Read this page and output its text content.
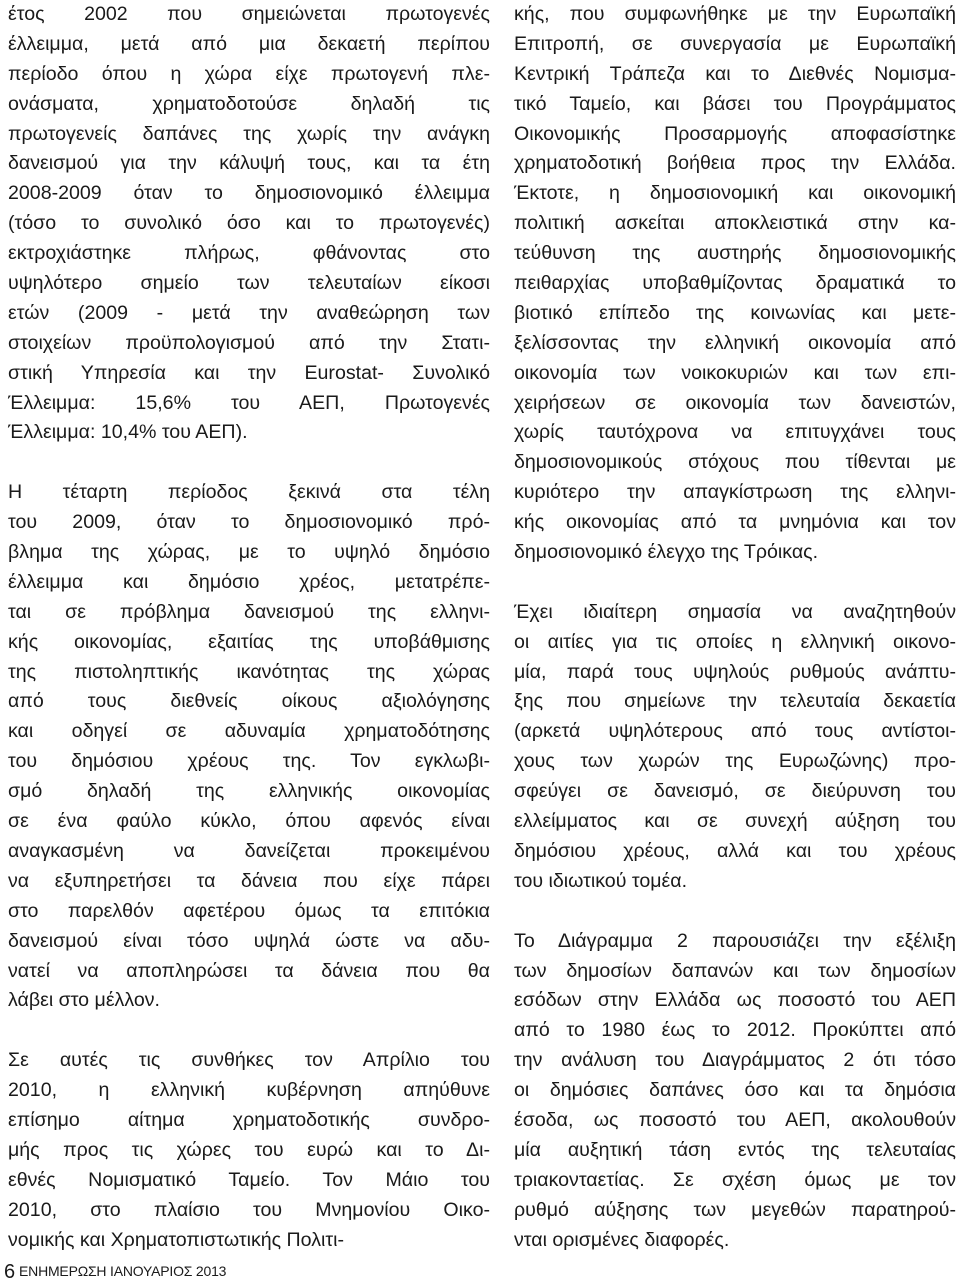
έτος 2002 που σημειώνεται πρωτογενές
έλλειμμα, μετά από μια δεκαετή περίπου
περίοδο όπου η χώρα είχε πρωτογενή πλε-
ονάσματα, χρηματοδοτούσε δηλαδή τις
πρωτογενείς δαπάνες της χωρίς την ανάγκη
δανεισμού για την κάλυψή τους, και τα έτη
2008-2009 όταν το δημοσιονομικό έλλειμμα
(τόσο το συνολικό όσο και το πρωτογενές)
εκτροχιάστηκε πλήρως, φθάνοντας στο
υψηλότερο σημείο των τελευταίων είκοσι
ετών (2009 - μετά την αναθεώρηση των
στοιχείων προϋπολογισμού από την Στατι-
στική Υπηρεσία και την Eurostat- Συνολικό
Έλλειμμα: 15,6% του ΑΕΠ, Πρωτογενές
Έλλειμμα: 10,4% του ΑΕΠ).
Η τέταρτη περίοδος ξεκινά στα τέλη
του 2009, όταν το δημοσιονομικό πρό-
βλημα της χώρας, με το υψηλό δημόσιο
έλλειμμα και δημόσιο χρέος, μετατρέπε-
ται σε πρόβλημα δανεισμού της ελληνι-
κής οικονομίας, εξαιτίας της υποβάθμισης
της πιστοληπτικής ικανότητας της χώρας
από τους διεθνείς οίκους αξιολόγησης
και οδηγεί σε αδυναμία χρηματοδότησης
του δημόσιου χρέους της. Τον εγκλωβι-
σμό δηλαδή της ελληνικής οικονομίας
σε ένα φαύλο κύκλο, όπου αφενός είναι
αναγκασμένη να δανείζεται προκειμένου
να εξυπηρετήσει τα δάνεια που είχε πάρει
στο παρελθόν αφετέρου όμως τα επιτόκια
δανεισμού είναι τόσο υψηλά ώστε να αδυ-
νατεί να αποπληρώσει τα δάνεια που θα
λάβει στο μέλλον.
Σε αυτές τις συνθήκες τον Απρίλιο του
2010, η ελληνική κυβέρνηση απηύθυνε
επίσημο αίτημα χρηματοδοτικής συνδρο-
μής προς τις χώρες του ευρώ και το Δι-
εθνές Νομισματικό Ταμείο. Τον Μάιο του
2010, στο πλαίσιο του Μνημονίου Οικο-
νομικής και Χρηματοπιστωτικής Πολιτι-
κής, που συμφωνήθηκε με την Ευρωπαϊκή
Επιτροπή, σε συνεργασία με Ευρωπαϊκή
Κεντρική Τράπεζα και το Διεθνές Νομισμα-
τικό Ταμείο, και βάσει του Προγράμματος
Οικονομικής Προσαρμογής αποφασίστηκε
χρηματοδοτική βοήθεια προς την Ελλάδα.
Έκτοτε, η δημοσιονομική και οικονομική
πολιτική ασκείται αποκλειστικά στην κα-
τεύθυνση της αυστηρής δημοσιονομικής
πειθαρχίας υποβαθμίζοντας δραματικά το
βιοτικό επίπεδο της κοινωνίας και μετε-
ξελίσσοντας την ελληνική οικονομία από
οικονομία των νοικοκυριών και των επι-
χειρήσεων σε οικονομία των δανειστών,
χωρίς ταυτόχρονα να επιτυγχάνει τους
δημοσιονομικούς στόχους που τίθενται με
κυριότερο την απαγκίστρωση της ελληνι-
κής οικονομίας από τα μνημόνια και τον
δημοσιονομικό έλεγχο της Τρόικας.
Έχει ιδιαίτερη σημασία να αναζητηθούν
οι αιτίες για τις οποίες η ελληνική οικονο-
μία, παρά τους υψηλούς ρυθμούς ανάπτυ-
ξης που σημείωνε την τελευταία δεκαετία
(αρκετά υψηλότερους από τους αντίστοι-
χους των χωρών της Ευρωζώνης) προ-
σφεύγει σε δανεισμό, σε διεύρυνση του
ελλείμματος και σε συνεχή αύξηση του
δημόσιου χρέους, αλλά και του χρέους
του ιδιωτικού τομέα.
Το Διάγραμμα 2 παρουσιάζει την εξέλιξη
των δημοσίων δαπανών και των δημοσίων
εσόδων στην Ελλάδα ως ποσοστό του ΑΕΠ
από το 1980 έως το 2012. Προκύπτει από
την ανάλυση του Διαγράμματος 2 ότι τόσο
οι δημόσιες δαπάνες όσο και τα δημόσια
έσοδα, ως ποσοστό του ΑΕΠ, ακολουθούν
μία αυξητική τάση εντός της τελευταίας
τριακονταετίας. Σε σχέση όμως με τον
ρυθμό αύξησης των μεγεθών παρατηρού-
νται ορισμένες διαφορές.
6 ΕΝΗΜΕΡΩΣΗ ΙΑΝΟΥΑΡΙΟΣ 2013
